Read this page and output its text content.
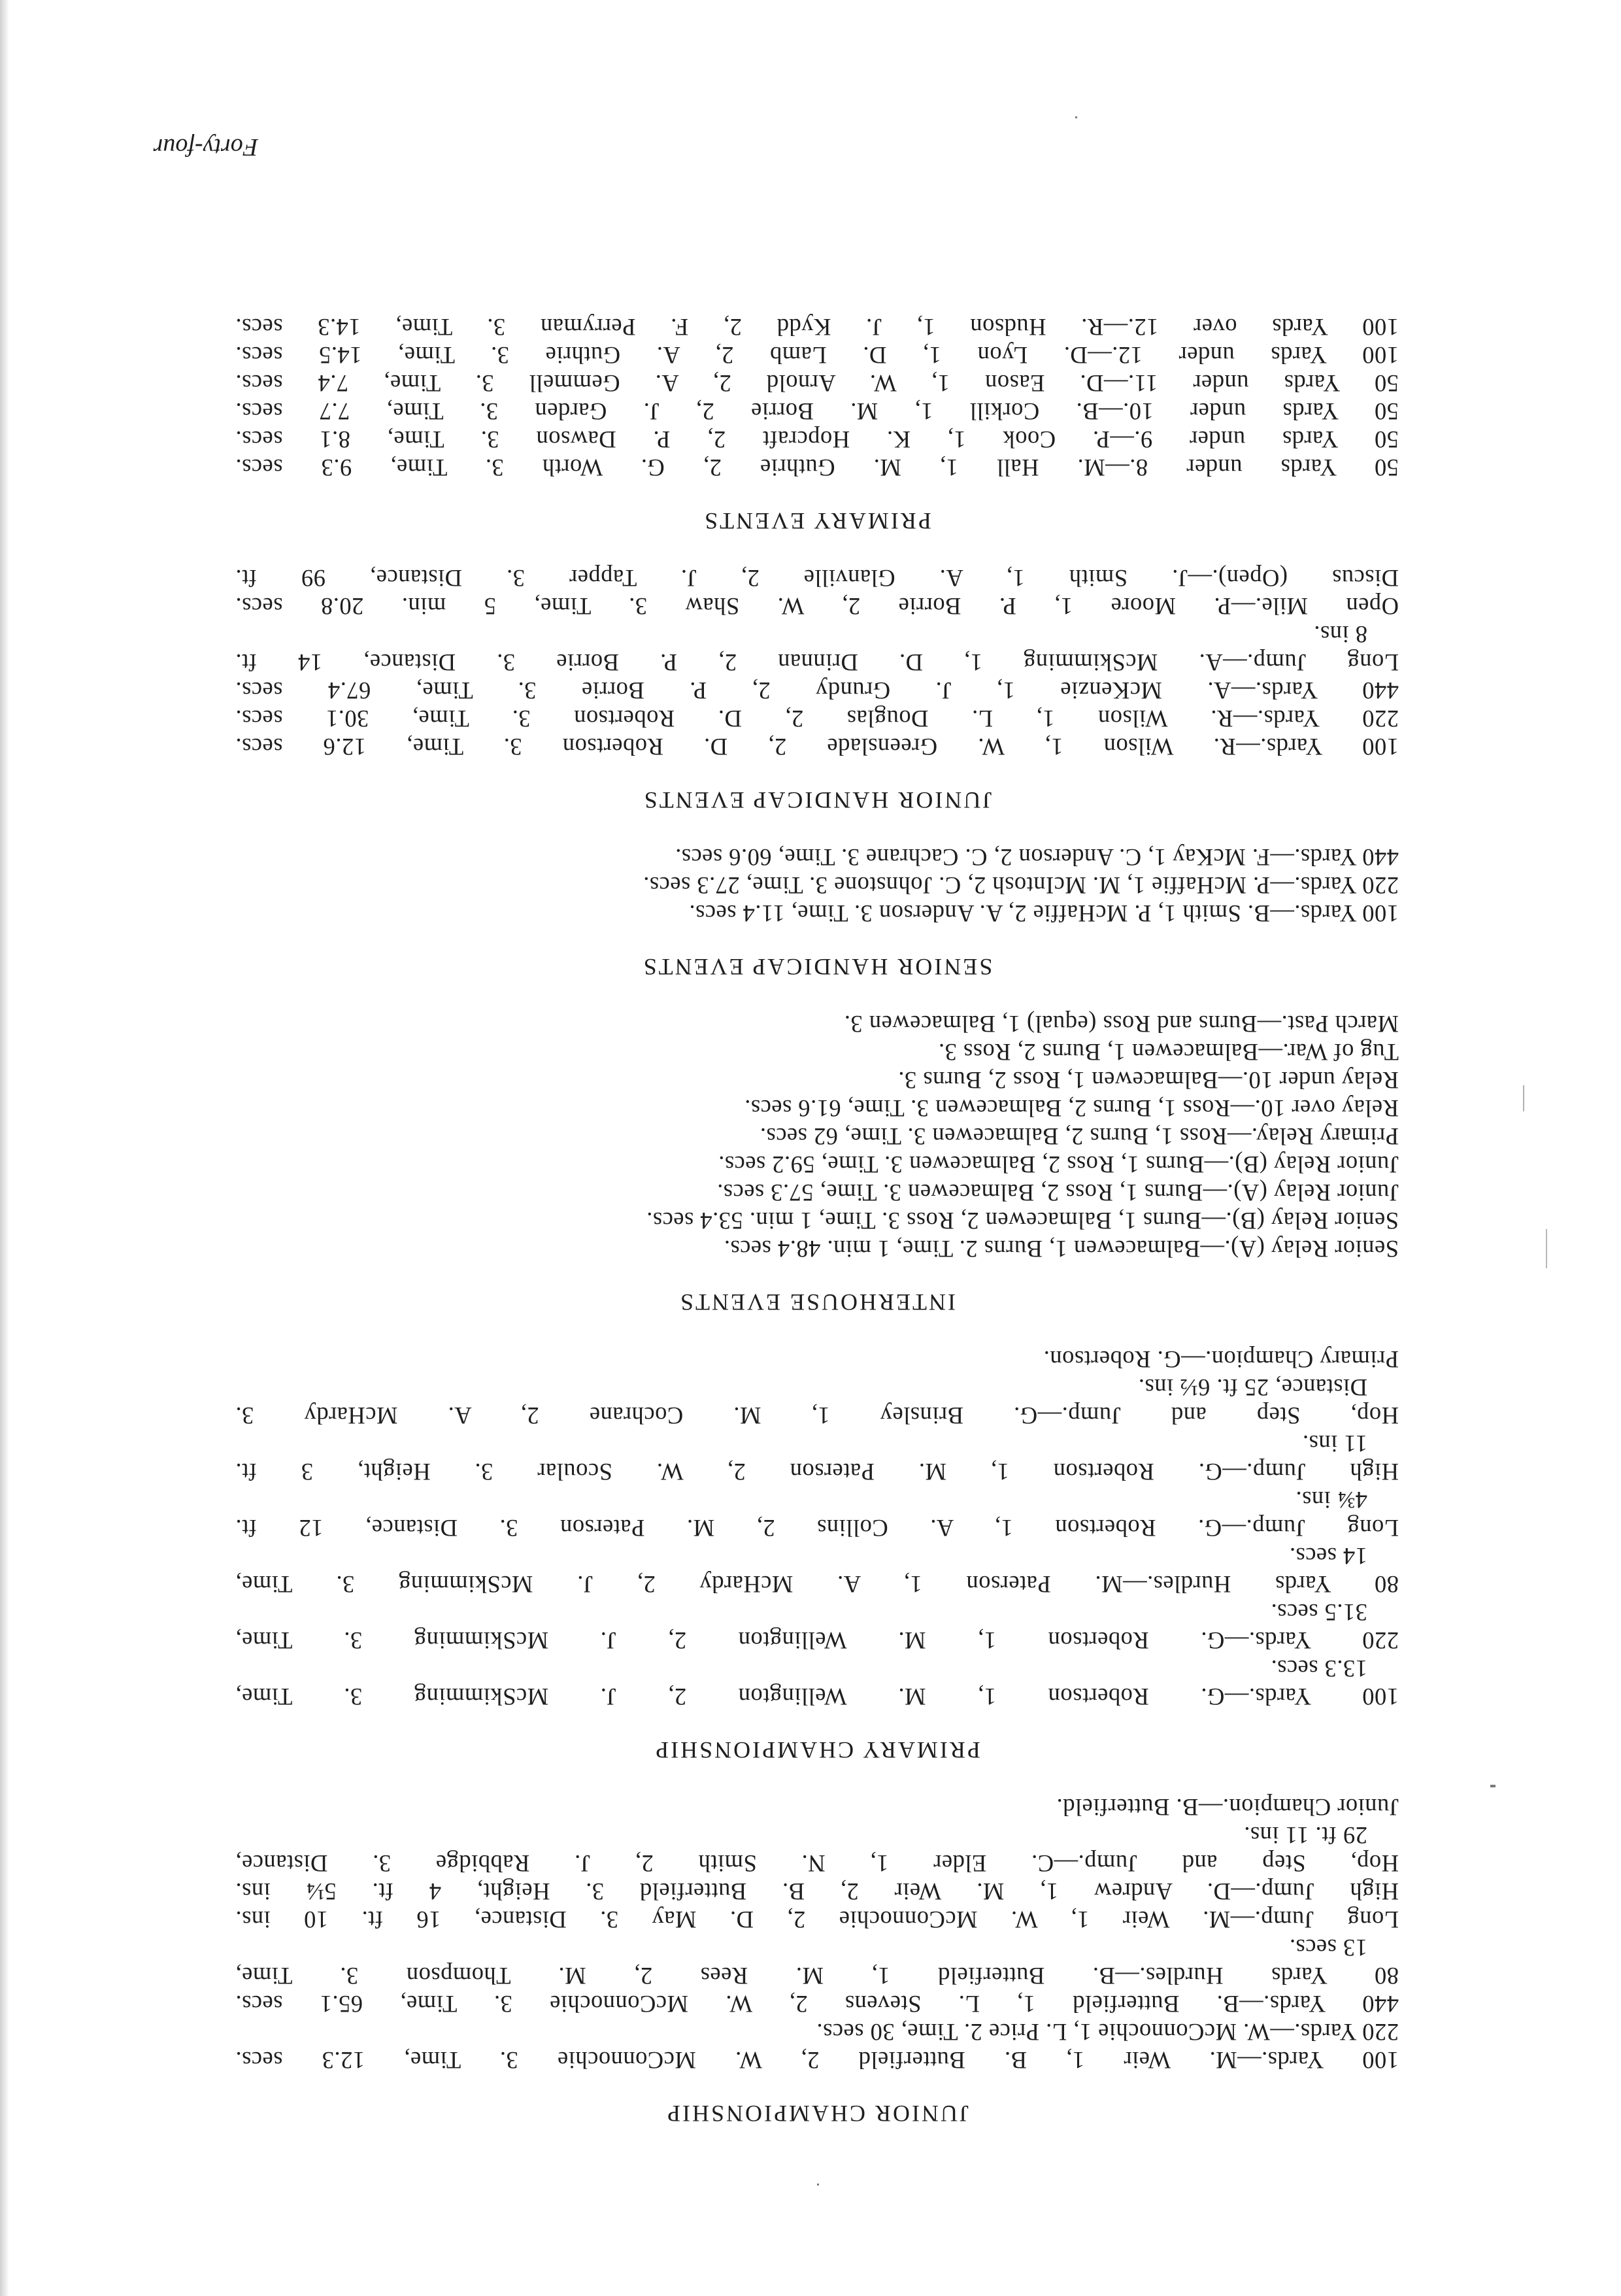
JUNIOR CHAMPIONSHIP
100 Yards.—M. Weir 1, B. Butterfield 2, W. McConnochie 3. Time, 12.3 secs.
220 Yards.—W. McConnochie 1, L. Price 2. Time, 30 secs.
440 Yards.—B. Butterfield 1, L. Stevens 2, W. McConnochie 3. Time, 65.1 secs.
80 Yards Hurdles.—B. Butterfield 1, M. Rees 2, M. Thompson 3. Time,
13 secs.
Long Jump.—M. Weir 1, W. McConnochie 2, D. May 3. Distance, 16 ft. 10 ins.
High Jump.—D. Andrew 1, M. Weir 2, B. Butterfield 3. Height, 4 ft. 5¼ ins.
Hop, Step and Jump.—C. Elder 1, N. Smith 2, J. Rabbidge 3. Distance,
29 ft. 11 ins.
Junior Champion.—B. Butterfield.
PRIMARY CHAMPIONSHIP
100 Yards.—G. Robertson 1, M. Wellington 2, J. McSkimming 3. Time,
13.3 secs.
220 Yards.—G. Robertson 1, M. Wellington 2, J. McSkimming 3. Time,
31.5 secs.
80 Yards Hurdles.—M. Paterson 1, A. McHardy 2, J. McSkimming 3. Time,
14 secs.
Long Jump.—G. Robertson 1, A. Collins 2, M. Paterson 3. Distance, 12 ft.
4¾ ins.
High Jump.—G. Robertson 1, M. Paterson 2, W. Scoular 3. Height, 3 ft.
11 ins.
Hop, Step and Jump.—G. Brinsley 1, M. Cochrane 2, A. McHardy 3.
Distance, 25 ft. 6½ ins.
Primary Champion.—G. Robertson.
INTERHOUSE EVENTS
Senior Relay (A).—Balmacewen 1, Burns 2. Time, 1 min. 48.4 secs.
Senior Relay (B).—Burns 1, Balmacewen 2, Ross 3. Time, 1 min. 53.4 secs.
Junior Relay (A).—Burns 1, Ross 2, Balmacewen 3. Time, 57.3 secs.
Junior Relay (B).—Burns 1, Ross 2, Balmacewen 3. Time, 59.2 secs.
Primary Relay.—Ross 1, Burns 2, Balmacewen 3. Time, 62 secs.
Relay over 10.—Ross 1, Burns 2, Balmacewen 3. Time, 61.6 secs.
Relay under 10.—Balmacewen 1, Ross 2, Burns 3.
Tug of War.—Balmacewen 1, Burns 2, Ross 3.
March Past.—Burns and Ross (equal) 1, Balmacewen 3.
SENIOR HANDICAP EVENTS
100 Yards.—B. Smith 1, P. McHaffie 2, A. Anderson 3. Time, 11.4 secs.
220 Yards.—P. McHaffie 1, M. McIntosh 2, C. Johnstone 3. Time, 27.3 secs.
440 Yards.—F. McKay 1, C. Anderson 2, C. Cachrane 3. Time, 60.6 secs.
JUNIOR HANDICAP EVENTS
100 Yards.—R. Wilson 1, W. Greenslade 2, D. Robertson 3. Time, 12.6 secs.
220 Yards.—R. Wilson 1, L. Douglas 2, D. Robertson 3. Time, 30.1 secs.
440 Yards.—A. McKenzie 1, J. Grundy 2, P. Borrie 3. Time, 67.4 secs.
Long Jump.—A. McSkimming 1, D. Drinnan 2, P. Borrie 3. Distance, 14 ft.
8 ins.
Open Mile.—P. Moore 1, P. Borrie 2, W. Shaw 3. Time, 5 min. 20.8 secs.
Discus (Open).—J. Smith 1, A. Glanville 2, J. Tapper 3. Distance, 99 ft.
PRIMARY EVENTS
50 Yards under 8.—M. Hall 1, M. Guthrie 2, G. Worth 3. Time, 9.3 secs.
50 Yards under 9.—P. Cook 1, K. Hopcraft 2, P. Dawson 3. Time, 8.1 secs.
50 Yards under 10.—B. Corkill 1, M. Borrie 2, J. Garden 3. Time, 7.7 secs.
50 Yards under 11.—D. Eason 1, W. Arnold 2, A. Gemmell 3. Time, 7.4 secs.
100 Yards under 12.—D. Lyon 1, D. Lamb 2, A. Guthrie 3. Time, 14.5 secs.
100 Yards over 12.—R. Hudson 1, J. Kydd 2, F. Perryman 3. Time, 14.3 secs.
Forty-four
